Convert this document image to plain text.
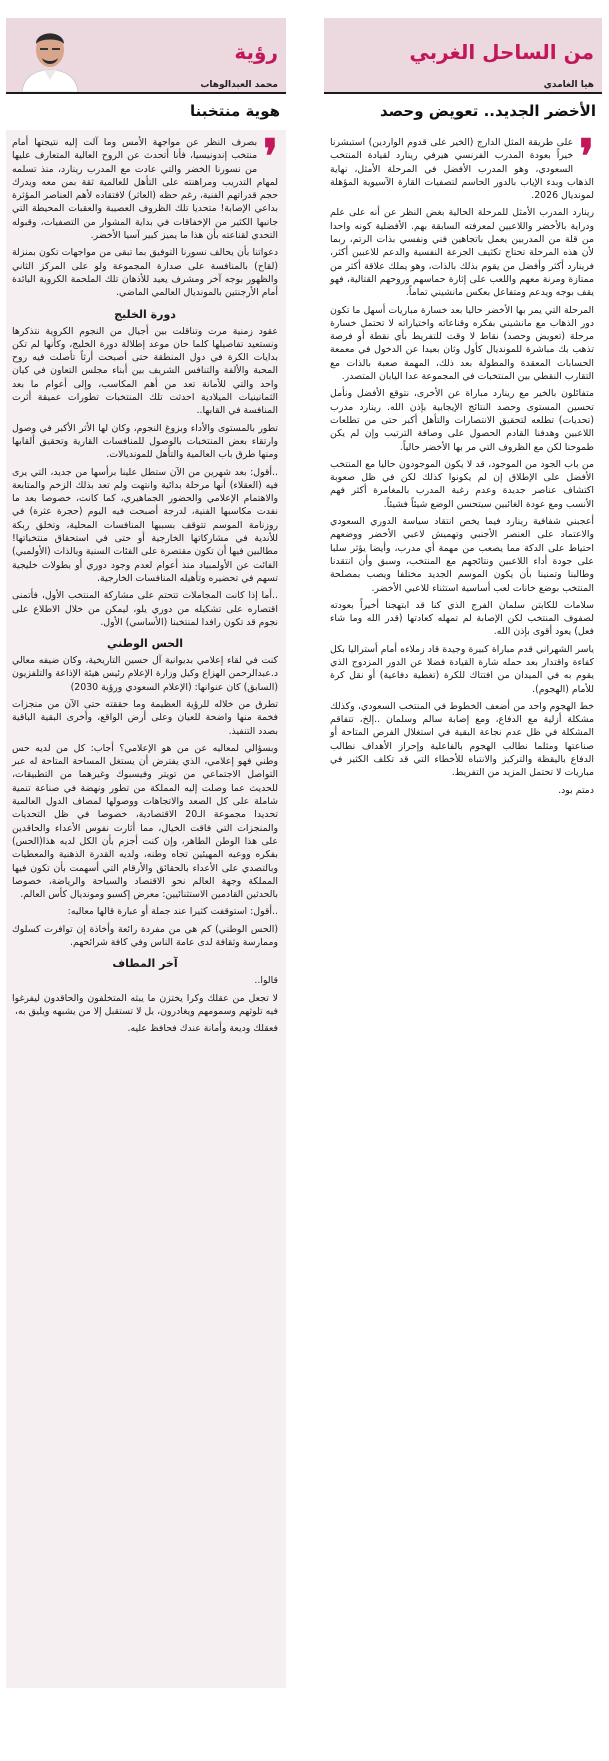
رؤية
محمد العبدالوهاب
هوية منتخبنا
❜

بصرف النظر عن مواجهة الأمس وما آلت إليه نتيجتها أمام منتخب إندونيسيا، فأنا أتحدث عن الروح العالية المتعارف عليها من نسورنا الخضر والتي عادت مع المدرب رينارد، منذ تسلمه لمهام التدريب ومراهنته على التأهل للعالمية ثقة بمن معه ويدرك حجم قدراتهم الفنية، رغم حظه (العاثر) لافتقاده لأهم العناصر المؤثرة بداعي الإصابة! متحديا تلك الظروف العصيبة والعقبات المحيطة التي جانبها الكثير من الإخفاقات في بداية المشوار من التصفيات، وقبوله التحدي لقناعته بأن هذا ما يميز كبير آسيا الأخضر.

دعواتنا بأن يحالف نسورنا التوفيق بما تبقى من مواجهات تكون بمنزلة (لقاح) بالمنافسة على صدارة المجموعة ولو على المركز الثاني والظهور بوجه آخر ومشرف يعيد للأذهان تلك الملحمة الكروية البائدة أمام الأرجنتين بالمونديال العالمي الماضي.

دورة الخليج

عقود زمنية مرت وتناقلت بين أجيال من النجوم الكروية نتذكرها ونستعيد تفاصيلها كلما حان موعد إطلالة دورة الخليج، وكأنها لم تكن بدايات الكرة في دول المنطقة حتى أصبحت أرثاً تأصلت فيه روح المحبة والألفة والتنافس الشريف بين أبناء مجلس التعاون في كيان واحد والتي للأمانة تعد من أهم المكاسب، وإلى أعوام ما بعد الثمانينيات الميلادية احدثت تلك المنتخبات تطورات عميقة أثرت المنافسة في القابها..

تطور بالمستوى والأداء وبزوغ النجوم، وكان لها الأثر الأكبر في وصول وارتقاء بعض المنتخبات بالوصول للمنافسات القارية وتحقيق ألقابها ومنها طرق باب العالمية والتأهل للمونديالات.

..أقول: بعد شهرين من الآن ستطل علينا برأسها من جديد، التي يرى فيه (العقلاء) أنها مرحلة بدائية وانتهت ولم تعد بذلك الزخم والمتابعة والاهتمام الإعلامي والحضور الجماهيري، كما كانت، خصوصا بعد ما نفدت مكاسبها الفنية، لدرجة أصبحت فيه اليوم (حجرة عثرة) في روزنامة الموسم تتوقف بسببها المنافسات المحلية، وتخلق ربكة للأندية في مشاركاتها الخارجية أو حتى في استحقاق منتخباتها! مطالبين فيها أن تكون مقتصرة على الفئات السنية وبالذات (الأولمبي) الفائت عن الأولمبياد منذ أعوام لعدم وجود دوري أو بطولات خليجية تسهم في تحضيره وتأهيله المنافسات الخارجية.

..أما إذا كانت المجاملات تتحتم على مشاركة المنتخب الأول، فأتمنى اقتصاره على تشكيله من دوري يلو، ليمكن من خلال الاطلاع على نجوم قد تكون رافدا لمنتخبنا (الأساسي) الأول.

الحس الوطني

كنت في لقاء إعلامي بديوانية آل حسين التاريخية، وكان ضيفه معالي د.عبدالرحمن الهزاع وكيل وزارة الإعلام رئيس هيئة الإذاعة والتلفزيون (السابق) كان عنوانها: (الإعلام السعودي ورؤية 2030)

تطرق من خلاله للرؤية العظيمة وما حققته حتى الآن من منجزات فخمة منها واضحة للعيان وعلى أرض الواقع، وأخرى البقية الباقية بصدد التنفيذ.

وبسؤالي لمعاليه عن من هو الإعلامي؟ أجاب: كل من لديه حس وطني فهو إعلامي، الذي يفترض أن يستغل المساحة المتاحة له عبر التواصل الاجتماعي من تويتر وفيسبوك وغيرهما من التطبيقات، للحديث عما وصلت إليه المملكة من تطور ونهضة في صناعة تنمية شاملة على كل الصعد والاتجاهات ووصولها لمصاف الدول العالمية تحديدا مجموعة الـ20 الاقتصادية، خصوصا في ظل التحديات والمنجزات التي فاقت الخيال، مما أثارت نفوس الأعداء والحاقدين على هذا الوطن الطاهر، وإن كنت أجزم بأن الكل لديه هذا(الحس) بفكره ووعيه المهيئين تجاه وطنه، ولديه القدرة الذهنية والمعطيات وبالتصدي على الأعداء بالحقائق والأرقام التي أسهمت بأن تكون فيها المملكة وجهة العالم نحو الاقتصاد والسياحة والرياضة، خصوصا بالحدثين القادمين الاستثنائيين: معرض إكسبو ومونديال كأس العالم.

..أقول: استوقفت كثيرا عند جملة أو عبارة قالها معاليه:

(الحس الوطني) كم هي من مفردة رائعة وأخاذة إن توافرت كسلوك وممارسة وثقافة لدى عامة الناس وفي كافة شرائحهم.

آخر المطاف

قالوا..

لا تجعل من عقلك وكرا يختزن ما يبثه المتخلفون والحاقدون ليفرغوا فيه تلوثهم وسمومهم ويغادرون، بل لا تستقبل إلا من يشبهه ويليق به،

فعقلك وديعة وأمانة عندك فحافظ عليه.

من الساحل الغربي
هيا الغامدي
الأخضر الجديد.. تعويض وحصد
❜

على طريقة المثل الدارج (الخير على قدوم الواردين) استبشرنا خيراً بعودة المدرب الفرنسي هيرفي رينارد لقيادة المنتخب السعودي، وهو المدرب الأفضل في المرحلة الأمثل، نهاية الذهاب وبدء الإياب بالدور الحاسم لتصفيات القارة الآسيوية المؤهلة لمونديال 2026.

رينارد المدرب الأمثل للمرحلة الحالية بغض النظر عن أنه على علم ودراية بالأخضر واللاعبين لمعرفته السابقة بهم. الأفضلية كونه واحدا من قلة من المدربين يعمل باتجاهين فني ونفسي بذات الرتم، ربما لأن هذه المرحلة تحتاج تكثيف الجرعة النفسية والدعم للاعبين أكثر، فرينارد أكثر وأفضل من يقوم بذلك بالذات، وهو يملك علاقة أكثر من ممتازة ومرنة معهم واللعب على إثارة حماسهم وروحهم القتالية، فهو يقف بوجه ويدعم ومتفاعل بعكس مانشيني تماماً.

المرحلة التي يمر بها الأخضر حاليا بعد خسارة مباريات أسهل ما تكون دور الذهاب مع مانشيني بفكره وقناعاته واختياراته لا تحتمل خسارة مرحلة (تعويض وحصد) نقاط لا وقت للتفريط بأي نقطة أو فرصة تذهب بك مباشرة للمونديال كأول وثان بعيدا عن الدخول في معمعة الحسابات المعقدة والمطولة بعد ذلك، المهمة صعبة بالذات مع التقارب النقطي بين المنتخبات في المجموعة عدا اليابان المتصدر.

متفائلون بالخير مع رينارد مباراة عن الأخرى، نتوقع الأفضل ونأمل تحسين المستوى وحصد النتائج الإيجابية بإذن الله. رينارد مدرب (تحديات) تطلعه لتحقيق الانتصارات والتأهل أكبر حتى من تطلعات اللاعبين وهدفنا القادم الحصول على وصافة الترتيب وإن لم يكن طموحنا لكن مع الظروف التي مر بها الأخضر حالياً.

من باب الجود من الموجود، قد لا يكون الموجودون حاليا مع المنتخب الأفضل على الإطلاق إن لم يكونوا كذلك لكن في ظل صعوبة اكتشاف عناصر جديدة وعدم رغبة المدرب بالمغامرة أكثر فهم الأنسب ومع عودة الغائبين سيتحسن الوضع شيئاً فشيئاً.

أعجبني شفافية رينارد فيما يخص انتقاد سياسة الدوري السعودي والاعتماد على العنصر الأجنبي وتهميش لاعبي الأخضر ووضعهم احتياط على الدكة مما يصعب من مهمة أي مدرب، وأيضا يؤثر سلبا على جودة أداء اللاعبين ونتائجهم مع المنتخب، وسبق وأن انتقدنا وطالبنا وتمنينا بأن يكون الموسم الجديد مختلفا ويصب بمصلحة المنتخب بوضع خانات لعب أساسية استثناء للاعبي الأخضر.

سلامات للكابتن سلمان الفرج الذي كنا قد ابتهجنا أخيراً بعودته لصفوف المنتخب لكن الإصابة لم تمهله كعادتها (قدر الله وما شاء فعل) يعود أقوى بإذن الله.

ياسر الشهراني قدم مباراة كبيرة وجيدة قاد زملاءه أمام أستراليا بكل كفاءة واقتدار بعد حمله شارة القيادة فضلا عن الدور المزدوج الذي يقوم به في الميدان من افتتاك للكرة (تغطية دفاعية) أو نقل كرة للأمام (الهجوم).

خط الهجوم واحد من أضعف الخطوط في المنتخب السعودي، وكذلك مشكلة أزلية مع الدفاع، ومع إصابة سالم وسلمان ..إلخ، تتفاقم المشكلة في ظل عدم نجاعة البقية في استغلال الفرص المتاحة أو صناعتها ومثلما نطالب الهجوم بالفاعلية وإحراز الأهداف نطالب الدفاع باليقظة والتركيز والانتباه للأخطاء التي قد تكلف الكثير في مباريات لا تحتمل المزيد من التفريط.

دمتم بود.
